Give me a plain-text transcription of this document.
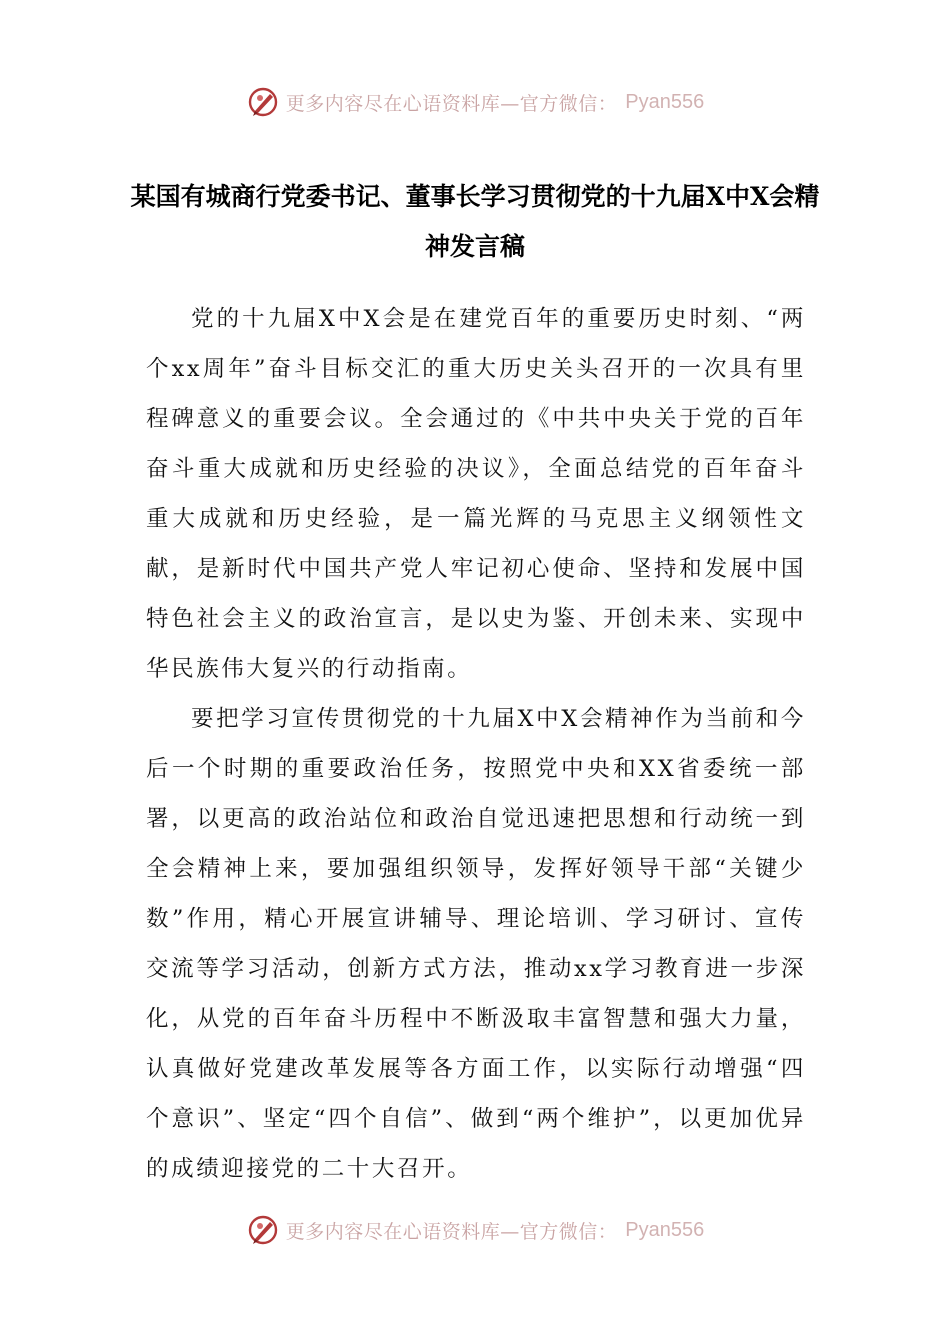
更多内容尽在心语资料库—官方微信： Pyan556
某国有城商行党委书记、董事长学习贯彻党的十九届X中X会精神发言稿

党的十九届X中X会是在建党百年的重要历史时刻、“两个xx周年”奋斗目标交汇的重大历史关头召开的一次具有里程碑意义的重要会议。全会通过的《中共中央关于党的百年奋斗重大成就和历史经验的决议》，全面总结党的百年奋斗重大成就和历史经验，是一篇光辉的马克思主义纲领性文献，是新时代中国共产党人牢记初心使命、坚持和发展中国特色社会主义的政治宣言，是以史为鉴、开创未来、实现中华民族伟大复兴的行动指南。

要把学习宣传贯彻党的十九届X中X会精神作为当前和今后一个时期的重要政治任务，按照党中央和XX省委统一部署，以更高的政治站位和政治自觉迅速把思想和行动统一到全会精神上来，要加强组织领导，发挥好领导干部“关键少数”作用，精心开展宣讲辅导、理论培训、学习研讨、宣传交流等学习活动，创新方式方法，推动xx学习教育进一步深化，从党的百年奋斗历程中不断汲取丰富智慧和强大力量，认真做好党建改革发展等各方面工作，以实际行动增强“四个意识”、坚定“四个自信”、做到“两个维护”，以更加优异的成绩迎接党的二十大召开。

更多内容尽在心语资料库—官方微信： Pyan556
